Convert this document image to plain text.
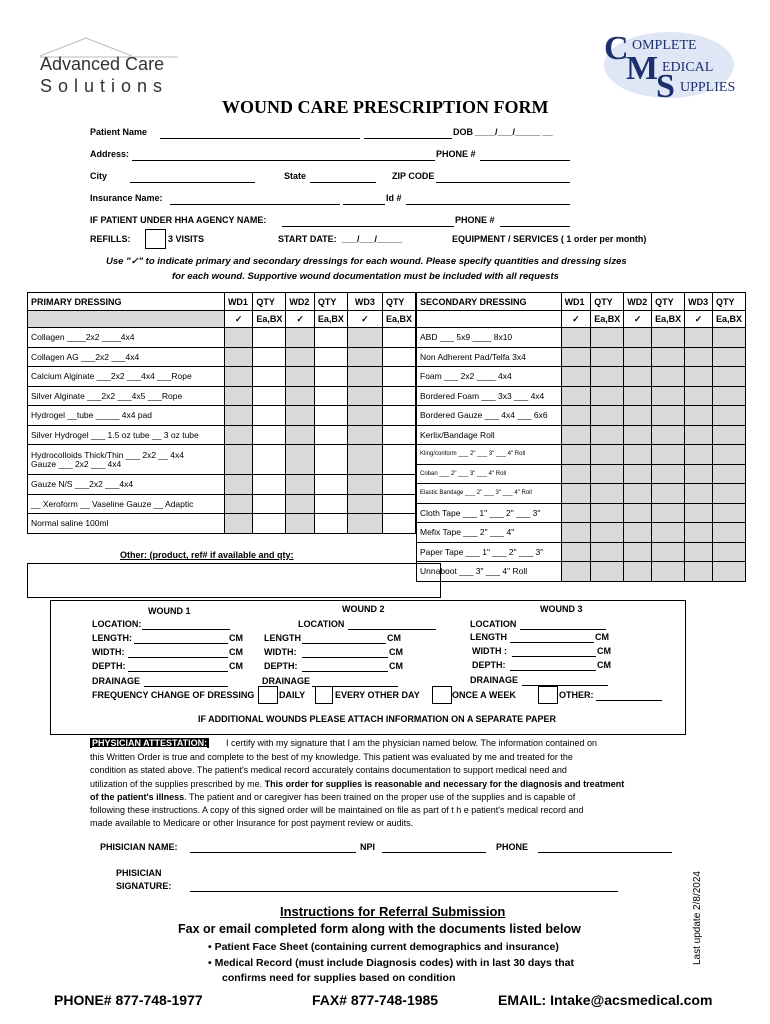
Advanced Care
Solutions
C OMPLETE
M EDICAL
S UPPLIES
WOUND CARE PRESCRIPTION FORM
Patient Name	DOB ____/___/_____ __
Address:	PHONE #
City	State	ZIP CODE
Insurance Name:	Id #
IF PATIENT UNDER HHA AGENCY NAME:	PHONE #
REFILLS:	3 VISITS	START DATE: ___/___/_____	EQUIPMENT / SERVICES ( 1 order per month)
Use "✓" to indicate primary and secondary dressings for each wound. Please specify quantities and dressing sizes
for each wound. Supportive wound documentation must be included with all requests
PRIMARY DRESSING	WD1	QTY	WD2	QTY	WD3	QTY
	✓	Ea,BX	✓	Ea,BX	✓	Ea,BX
Collagen ____2x2 ____4x4						
Collagen AG ___2x2 ___4x4						
Calcium Alginate ___2x2 ___4x4 ___Rope						
Silver Alginate ___2x2 ___4x5 ___Rope						
Hydrogel __tube _____ 4x4 pad						
Silver Hydrogel ___ 1.5 oz tube __ 3 oz tube						

Hydrocolloids Thick/Thin ___ 2x2 __ 4x4
Gauze ___ 2x2 ___ 4x4						

Gauze N/S ___2x2 ___4x4						
__ Xeroform __ Vaseline Gauze __ Adaptic						
Normal saline 100ml						
Other: (product, ref# if available and qty:
SECONDARY DRESSING	WD1	QTY	WD2	QTY	WD3	QTY
	✓	Ea,BX	✓	Ea,BX	✓	Ea,BX
ABD ___ 5x9 ____ 8x10						
Non Adherent Pad/Telfa 3x4						
Foam ___ 2x2 ____ 4x4						
Bordered Foam ___ 3x3 ___ 4x4						
Bordered Gauze ___ 4x4 ___ 6x6						
Kerlix/Bandage Roll						
Kling/conform ___ 2" ___ 3" ___ 4" Roll						
Coban ___ 2" ___ 3" ___ 4" Roll						
Elastic Bandage ___ 2" ___ 3" ___ 4" Roll						
Cloth Tape ___ 1" ___ 2" ___ 3"						
Mefix Tape ___ 2" ___ 4"						
Paper Tape ___ 1" ___ 2" ___ 3"						
Unnaboot ___ 3" ___ 4" Roll						
WOUND 1	WOUND 2	WOUND 3
LOCATION:
LENGTH:	CM
WIDTH:	CM
DEPTH:	CM
DRAINAGE
LOCATION
LENGTH	CM
WIDTH:	CM
DEPTH:	CM
DRAINAGE
LOCATION
LENGTH	CM
WIDTH :	CM
DEPTH:	CM
DRAINAGE
FREQUENCY CHANGE OF DRESSING	DAILY	EVERY OTHER DAY	ONCE A WEEK	OTHER:
IF ADDITIONAL WOUNDS PLEASE ATTACH INFORMATION ON A SEPARATE PAPER
PHYSICIAN ATTESTATION: I certify with my signature that I am the physician named below. The information contained on
this Written Order is true and complete to the best of my knowledge. This patient was evaluated by me and treated for the
condition as stated above. The patient's medical record accurately contains documentation to support medical need and
utilization of the supplies prescribed by me. This order for supplies is reasonable and necessary for the diagnosis and treatment
of the patient's illness. The patient and or caregiver has been trained on the proper use of the supplies and is capable of
following these instructions. A copy of this signed order will be maintained on file as part of t h e patient's medical record and
made available to Medicare or other Insurance for post payment review or audits.
PHISICIAN NAME:	NPI	PHONE
PHISICIAN
SIGNATURE:
Instructions for Referral Submission
Fax or email completed form along with the documents listed below
• Patient Face Sheet (containing current demographics and insurance)
• Medical Record (must include Diagnosis codes) with in last 30 days that
confirms need for supplies based on condition
PHONE# 877-748-1977	FAX# 877-748-1985	EMAIL: Intake@acsmedical.com
Last update 2/8/2024
